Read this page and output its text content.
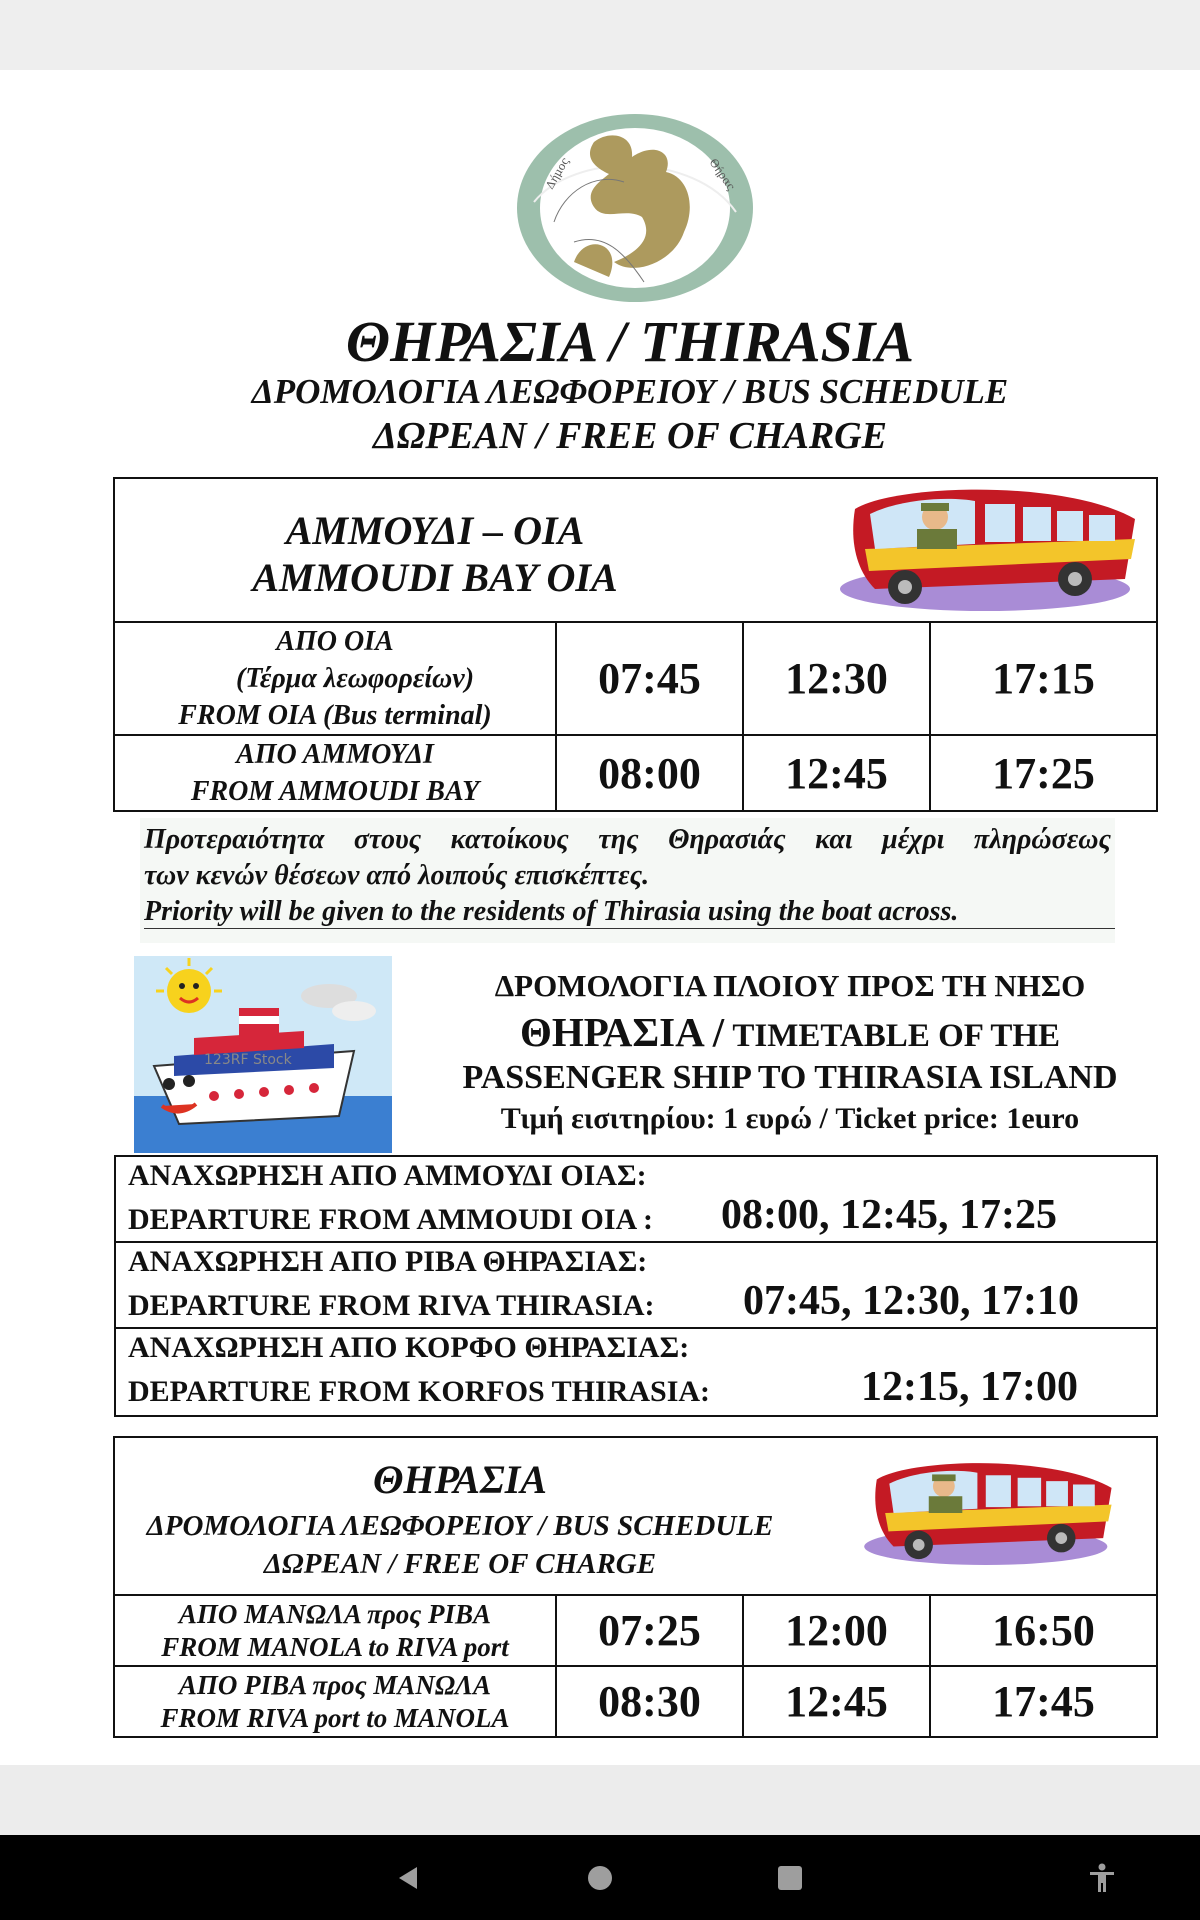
Δήμος	Θήρας
ΘΗΡΑΣΙΑ / THIRASIA
ΔΡΟΜΟΛΟΓΙΑ ΛΕΩΦΟΡΕΙΟΥ / BUS SCHEDULE
ΔΩΡΕΑΝ / FREE OF CHARGE
ΑΜΜΟΥΔΙ – ΟΙΑ
AMMOUDI BAY OIA
ΑΠΟ ΟΙΑ
(Τέρμα λεωφορείων)
FROM OIA (Bus terminal)	07:45	12:30	17:15

ΑΠΟ ΑΜΜΟΥΔΙ
FROM AMMOUDI BAY	08:00	12:45	17:25
Προτεραιότητα στους κατοίκους της Θηρασιάς και μέχρι πληρώσεως
των κενών θέσεων από λοιπούς επισκέπτες.
Priority will be given to the residents of Thirasia using the boat across.
123RF Stock
ΔΡΟΜΟΛΟΓΙΑ ΠΛΟΙΟΥ ΠΡΟΣ ΤΗ ΝΗΣΟ
ΘΗΡΑΣΙΑ / TIMETABLE OF THE
PASSENGER SHIP TO THIRASIA ISLAND
Τιμή εισιτηρίου: 1 ευρώ / Ticket price: 1euro
ΑΝΑΧΩΡΗΣΗ ΑΠΟ ΑΜΜΟΥΔΙ ΟΙΑΣ:
DEPARTURE FROM AMMOUDI OIA : 08:00, 12:45, 17:25
ΑΝΑΧΩΡΗΣΗ ΑΠΟ ΡΙΒΑ ΘΗΡΑΣΙΑΣ:
DEPARTURE FROM RIVA THIRASIA: 07:45, 12:30, 17:10
ΑΝΑΧΩΡΗΣΗ ΑΠΟ ΚΟΡΦΟ ΘΗΡΑΣΙΑΣ:
DEPARTURE FROM KORFOS THIRASIA:	12:15, 17:00
ΘΗΡΑΣΙΑ
ΔΡΟΜΟΛΟΓΙΑ ΛΕΩΦΟΡΕΙΟΥ / BUS SCHEDULE
ΔΩΡΕΑΝ / FREE OF CHARGE
ΑΠΟ ΜΑΝΩΛΑ προς ΡΙΒΑ
FROM MANOLA to RIVA port	07:25	12:00	16:50

ΑΠΟ ΡΙΒΑ προς ΜΑΝΩΛΑ
FROM RIVA port to MANOLA	08:30	12:45	17:45
